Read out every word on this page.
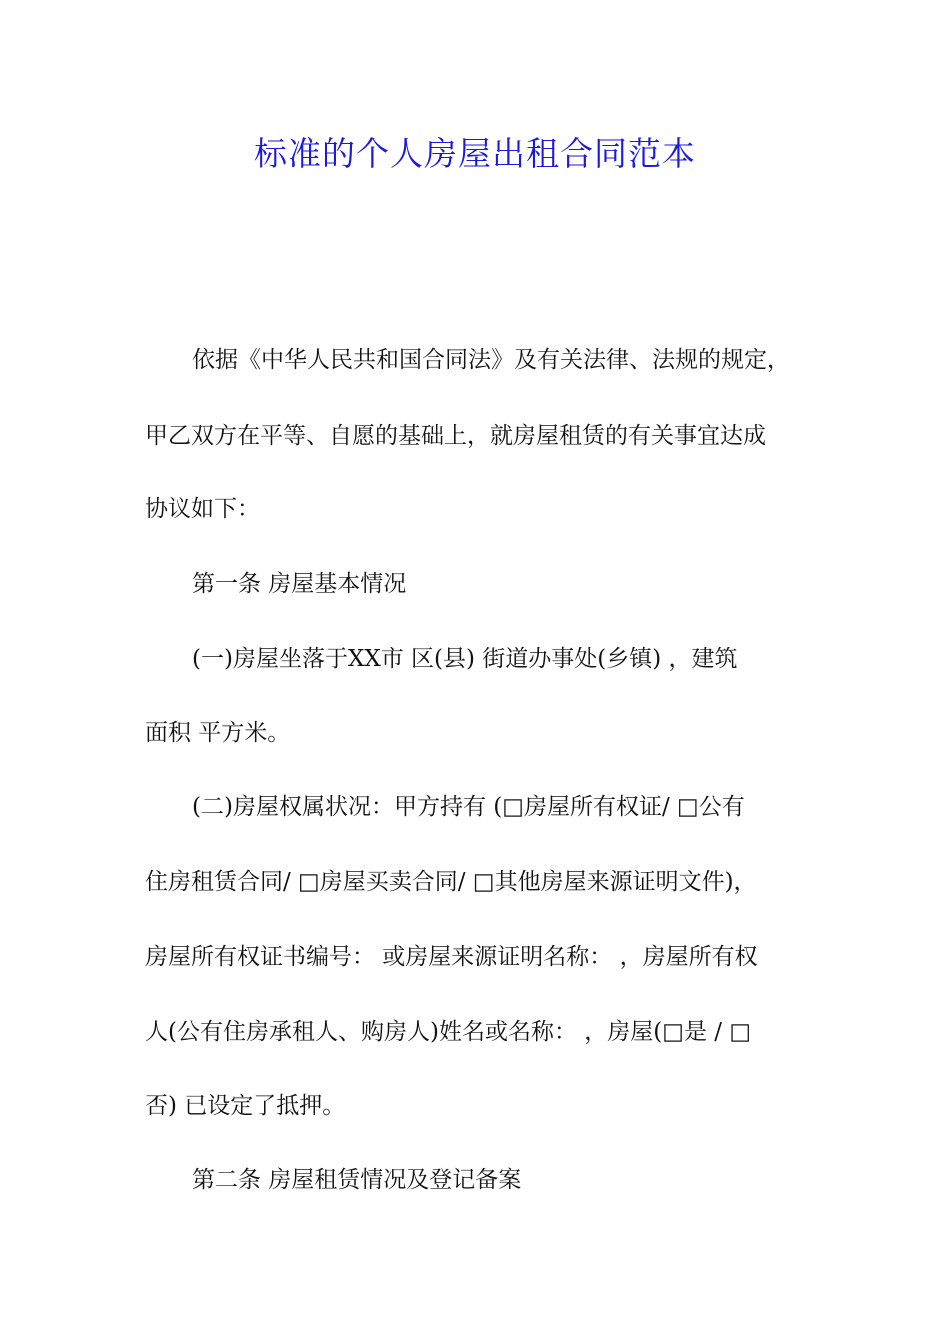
标准的个人房屋出租合同范本

依据《中华人民共和国合同法》及有关法律、法规的规定，

甲乙双方在平等、自愿的基础上，就房屋租赁的有关事宜达成

协议如下：

第一条 房屋基本情况

(一)房屋坐落于XX市 区(县) 街道办事处(乡镇) ，建筑

面积 平方米。

(二)房屋权属状况：甲方持有 (□房屋所有权证/ □公有

住房租赁合同/ □房屋买卖合同/ □其他房屋来源证明文件)，

房屋所有权证书编号： 或房屋来源证明名称： ，房屋所有权

人(公有住房承租人、购房人)姓名或名称： ，房屋(□是 / □

否) 已设定了抵押。

第二条 房屋租赁情况及登记备案
